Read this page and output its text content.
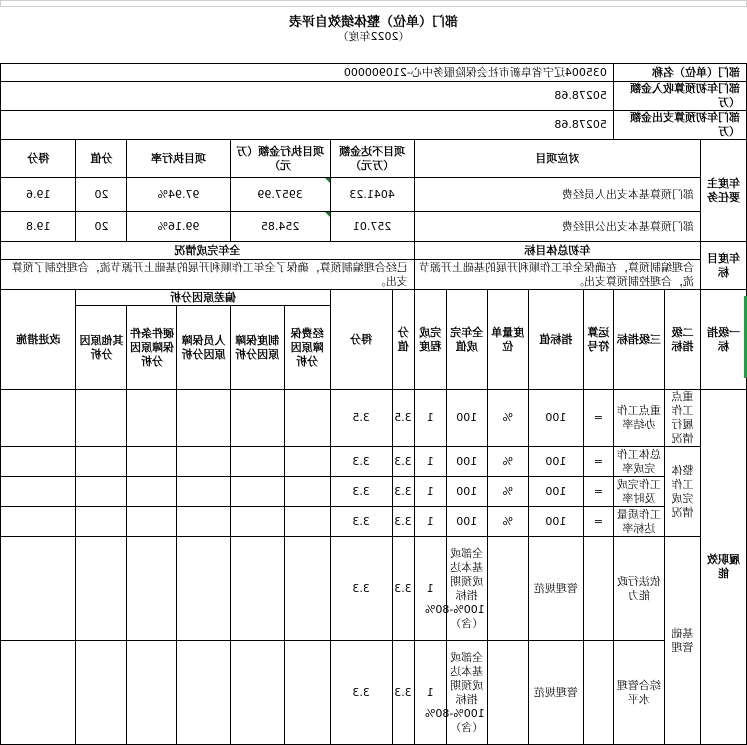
部门（单位）整体绩效自评表
（2022年度）															

部门（单位）名称			035004辽宁省阜新市社会保险服务中心-210900000												
部门年初预算收入金额（万			50278.68												
部门年初预算支出金额（万			50278.68												
年度主要任务	对应项目							项目不达金额（万元）		项目执行金额（万元）		项目执行率		分值	得分
	部门预算基本支出人员经费							4041.23		3957.99		97.94%		20	19.6
	部门预算基本支出公用经费							257.01		254.85		99.16%		20	19.8
年度目标	年初总体目标							全年完成情况							
	合理编制预算，在确保全年工作顺利开展的基础上开源节流，合理控制预算支出。							已经合理编制预算，确保了全年工作顺利开展的基础上开源节流，合理控制了预算支出。							
一级指标	二级指标	三级指标	运算符号	指标值	度量单位	全年完成值	完成程度	分值	得分	偏差原因分析					改进措施
										经费保障原因分析	制度保障原因分析	人员保障原因分析	硬件条件保障原因分析	其他原因分析	
履职效能	重点工作履行情况	重点工作办结率	=	100	%	100	1	3.5	3.5						
	整体工作完成情况	总体工作完成率	=	100	%	100	1	3.3	3.3						
		工作完成及时率	=	100	%	100	1	3.3	3.3						
		工作质量达标率	=	100	%	100	1	3.3	3.3						
	基础管理	依法行政能力		管理规范		全部或基本达成预期指标100%-80%（含）	1	3.3	3.3						
		综合管理水平		管理规范		全部或基本达成预期指标100%-80%（含）	1	3.3	3.3						
